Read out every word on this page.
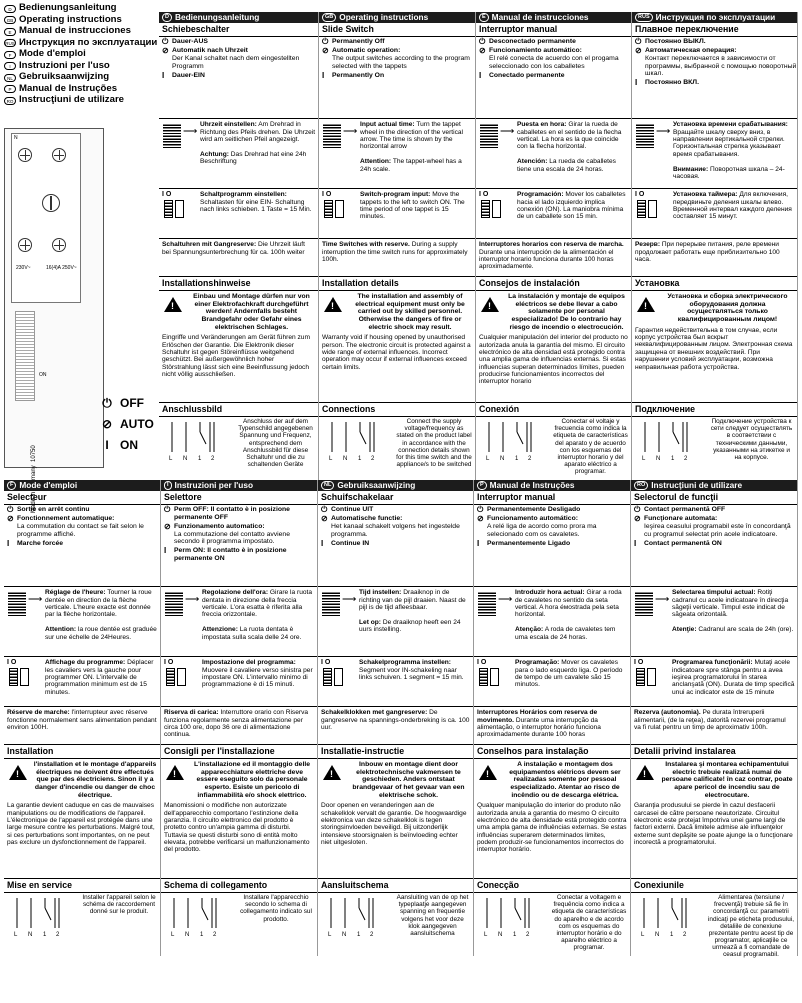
D Bedienungsanleitung
GB Operating instructions
E Manual de instrucciones
RUS Инструкция по эксплуатации
F Mode d'emploi
I Instruzioni per l'uso
NL Gebruiksaanwijzing
P Manual de Instruções
RO Instrucţiuni de utilizare
N
230V~	16(4)A 250V~
ON
10750
⏻ OFF
⊘ AUTO
I ON
D Bedienungsanleitung
Schiebeschalter
⏻ Dauer-AUS
⊘ Automatik nach Uhrzeit
Der Kanal schaltet nach dem eingestellten Programm
I	Dauer-EIN
⟶
Uhrzeit einstellen: Am Drehrad in Richtung des Pfeils drehen. Die Uhrzeit wird am seitlichen Pfeil angezeigt.

Achtung: Das Drehrad hat eine 24h Beschriftung
I O	Schaltprogramm einstellen: Schaltasten für eine EIN- Schaltung nach links schieben. 1 Taste = 15 Min.
Schaltuhren mit Gangreserve: Die Uhrzeit läuft bei Spannungsunterbrechung für ca. 100h weiter
Installationshinweise
!
Einbau und Montage dürfen nur von einer Elektrofachkraft durchgeführt werden! Andernfalls besteht Brandgefahr oder Gefahr eines elektrischen Schlages.
Eingriffe und Veränderungen am Gerät führen zum Erlöschen der Garantie. Die Elektronik dieser Schaltuhr ist gegen Störeinflüsse weitgehend geschützt. Bei außergewöhnlich hoher Störstrahlung lässt sich eine Beeinflussung jedoch nicht völlig ausschließen.
Anschlussbild
L N 1 2
Anschluss der auf dem Typenschild angegebenen Spannung und Frequenz, entsprechend dem Anschlussbild für diese Schaltuhr und die zu schaltenden Geräte
GB Operating instructions
Slide Switch
⏻ Permanently Off
⊘ Automatic operation:
The output switches according to the program selected with the tappets
I	Permanently On
⟶
Input actual time: Turn the tappet wheel in the direction of the vertical arrow. The time is shown by the horizontal arrow

Attention: The tappet-wheel has a 24h scale.
I O	Switch-program input: Move the tappets to the left to switch ON. The time period of one tappet is 15 minutes.
Time Switches with reserve. During a supply interruption the time switch runs for approximately 100h.
Installation details
!
The installation and assembly of electrical equipment must only be carried out by skilled personnel. Otherwise the dangers of fire or electric shock may result.
Warranty void if housing opened by unauthorised person. The electronic circuit is protected against a wide range of external influences. Incorrect operation may occur if external influences exceed certain limits.
Connections
L N 1 2
Connect the supply voltage/frequency as stated on the product label in accordance with the connection details shown for this time switch and the appliance/s to be switched
E Manual de instrucciones
Interruptor manual
⏻ Desconectado permanente
⊘ Funcionamiento automático:
El relé conecta de acuerdo con el progama seleccionado con los caballetes
I	Conectado permanente
⟶
Puesta en hora: Girar la rueda de caballetes en el sentido de la flecha vertical. La hora es la que coincide con la flecha horizontal.

Atención: La rueda de caballetes tiene una escala de 24 horas.
I O	Programación: Mover los caballetes hacia el lado izquierdo implica conexión (ON). La maniobra mínima de un caballete son 15 min.
Interruptores horarios con reserva de marcha. Durante una interrupción de la alimentación el interruptor horario funciona durante 100 horas aproximadamente.
Consejos de instalación
!
La instalación y montaje de equipos eléctricos se debe llevar a cabo solamente por personal especializado! De lo contrario hay riesgo de incendio o electrocución.
Cualquier manipulación del interior del producto no autorizada anula la garantía del mismo. El circuito electrónico de alta densidad está protegido contra una amplia gama de influencias externas. Si estas influencias superan determinados límites, pueden producirse funcionamientos incorrectos del interruptor horario
Conexión
L N 1 2
Conectar el voltaje y frecuencia como indica la etiqueta de características del aparato y de acuerdo con los esquemas del interruptor horario y del aparato eléctrico a programar.
RUS Инструкция по эксплуатации
Плавное переключение
⏻ Постоянно ВЫКЛ.
⊘ Автоматическая операция:
Контакт переключается в зависимости от программы, выбранной с помощью поворотный шкал.
I	Постоянно ВКЛ.
⟶
Установка времени срабатывания: Вращайте шкалу сверху вниз, в направлении вертикальной стрелки. Горизонтальная стрелка указывает время срабатывания.

Внимание: Поворотная шкала – 24-часовая.
I O	Установка таймера: Для включения, передвиньте деления шкалы влево. Временной интервал каждого деления составляет 15 минут.
Резерв: При перерыве питания, реле времени продолжает работать еще приблизительно 100 часа.
Установка
!
Установка и сборка электрического оборудования должна осуществляться только квалифицированным лицом!
Гарантия недействительна в том случае, если корпус устройства был вскрыт неквалифицированным лицом. Электронная схема защищена от внешних воздействий. При нарушении условий эксплуатации, возможна неправильная работа устройства.
Подключение
L N 1 2
Подключение устройства к сети следует осуществлять в соответствии с техническими данными, указанными на этикетке и на корпусе.
F Mode d'emploi
Selecteur
⏻ Sortie en arrêt continu
⊘ Fonctionnement automatique:
La commutation du contact se fait selon le programme affiché.
I	Marche forcée
⟶
Réglage de l'heure: Tourner la roue dentée en direction de la flèche verticale. L'heure exacte est donnée par la flèche horizontale.

Attention: la roue dentée est graduée sur une échelle de 24Heures.
I O	Affichage du programme: Déplacer les cavaliers vers la gauche pour programmer ON. L'intervalle de programmation minimum est de 15 minutes.
Réserve de marche: l'interrupteur avec réserve fonctionne normalement sans alimentation pendant environ 100H.
Installation
!
l'installation et le montage d'appareils électriques ne doivent être effectués que par des électriciens. Sinon il y a danger d'incendie ou danger de choc électrique.
La garantie devient caduque en cas de mauvaises manipulations ou de modifications de l'appareil. L'électronique de l'appareil est protégée dans une large mesure contre les perturbations. Malgré tout, si ces perturbations sont importantes, on ne peut pas exclure un dysfonctionnement de l'appareil.
Mise en service
L N 1 2
Installer l'appareil selon le schéma de raccordement donné sur le produit.
I Instruzioni per l'uso
Selettore
⏻ Perm OFF: Il contatto è in posizione permanente OFF
⊘ Funzionamento automatico:
La commutazione del contatto avviene secondo il programma impostato.
I	Perm ON: Il contatto è in posizione permanente ON
⟶
Regolazione dell'ora: Girare la ruota dentata in direzione della freccia verticale. L'ora esatta è riferita alla freccia orizzontale.

Attenzione: La ruota dentata è impostata sulla scala delle 24 ore.
I O	Impostazione del programma: Muovere il cavaliere verso sinistra per impostare ON. L'intervallo minimo di programmazione è di 15 minuti.
Riserva di carica: Interruttore orario con Riserva funziona regolarmente senza alimentazione per circa 100 ore, dopo 36 ore di alimentazione continua.
Consigli per l'installazione
!
L'installazione ed il montaggio delle apparecchiature elettriche deve essere eseguito solo da personale esperto. Esiste un pericolo di infiammabilità e/o shock elettrico.
Manomissioni o modifiche non autorizzate dell'apparecchio comportano l'estinzione della garanzia. Il circuito elettronico del prodotto è protetto contro un'ampia gamma di disturbi. Tuttavia se questi disturbi sono di entità molto elevata, potrebbe verificarsi un malfunzionamento del prodotto.
Schema di collegamento
L N 1 2
Installare l'apparecchio secondo lo schema di collegamento indicato sul prodotto.
NL Gebruiksaanwijzing
Schuifschakelaar
⏻ Continue UIT
⊘ Automatische functie:
Het kanaal schakelt volgens het ingestelde programma.
I	Continue IN
⟶
Tijd instellen: Draaiknop in de richting van de pijl draaien. Naast de pijl is de tijd afleesbaar.

Let op: De draaiknop heeft een 24 uurs instelling.
I O	Schakelprogramma instellen: Segment voor IN-schakeling naar links schuiven. 1 segment = 15 min.
Schakelklokken met gangreserve: De gangreserve na spannings-onderbreking is ca. 100 uur.
Installatie-instructie
!
Inbouw en montage dient door elektrotechnische vakmensen te geschieden. Anders ontstaat brandgevaar of het gevaar van een elektrische schok.
Door openen en veranderingen aan de schakelklok vervalt de garantie. De hoogwaardige elektronica van deze schakelklok is tegen storingsinvloeden beveiligd. Bij uitzonderlijk intensieve stoorsignalen is beïnvloeding echter niet uitgesloten.
Aansluitschema
L N 1 2
Aansluiting van de op het typeplaatje aangegeven spanning en frequentie volgens het voor deze klok aangegeven aansluitschema
P Manual de Instruções
Interruptor manual
⏻ Permanentemente Desligado
⊘ Funcionamento automático:
A relé liga de acordo como prora ma selecionado com os cavaletes.
I	Permanentemente Ligado
⟶
Introduzir hora actual: Girar a roda de cavaletes no sentido da seta vertical. A hora éмostrada pela seta horizontal.

Atenção: A roda de cavaletes tem uma escala de 24 horas.
I O	Programação: Mover os cavaletes para o lado esquerdo liga. O período de tempo de um cavalete são 15 minutos.
Interruptores Horários com reserva de movimento. Durante uma interrupção da alimentação, o interruptor horário funciona aproximadamente durante 100 horas
Conselhos para instalação
!
A instalação e montagem dos equipamentos elétricos devem ser realizadas somente por pessoal especializado. Atentar ao risco de incêndio ou de descarga elétrica.
Qualquer manipulação do interior do produto não autorizada anula a garantia do mesmo O circuito electrónico de alta densidade está protegido contra uma ampla gama de influências externas. Se estas influências superarem determinados limites, podem produzir-se funcionamentos incorrectos do interruptor horário.
Conecção
L N 1 2
Conectar a voltagem e frequência como indica a etiqueta de características do aparelho e de acordo com os esquemas do interruptor horário e do aparelho eléctrico a programar.
RO Instrucţiuni de utilizare
Selectorul de funcţii
⏻ Contact permanentă OFF
⊘ Funcţionare automata:
Ieşirea ceasului programabil este în concordanţă cu programul selectat prin acele indicatoare.
I	Contact permanentă ON
⟶
Selectarea timpului actual: Rotiţi cadranul cu acele indicatoare în direcţia săgeţii verticale. Timpul este indicat de săgeata orizontală.

Atenţie: Cadranul are scala de 24h (ore).
I O	Programarea funcţionării: Mutaţi acele indicatoare spre stânga pentru a avea ieşirea programatorului în starea anclanşată (ON). Durata de timp specifică unui ac indicator este de 15 minute
Rezerva (autonomia). Pe durata întreruperii alimentarii, (de la reţea), datorită rezervei programul va fi rulat pentru un timp de aproximativ 100h.
Detalii privind instalarea
!
Instalarea şi montarea echipamentului electric trebuie realizată numai de persoane calificate! în caz contrar, poate apare pericol de incendiu sau de electrocutare.
Garanţia produsului se pierde în cazul desfacerii carcasei de către persoane neautorizate. Circuitul electronic este protejat împotriva unei game largi de factori externi. Dacă limitele admise ale influenţelor externe sunt depăşite se poate ajunge la o funcţionare incorectă a programatorului.
Conexiunile
L N 1 2
Alimentarea (tensiune / frecvenţă) trebuie să fie în concordanţă cu: parametrii indicaţi pe eticheta produsului, detaliile de conexiune prezentate pentru acest tip de programator, aplicaţiile ce urmează a fi comandate de ceasul programabil.
